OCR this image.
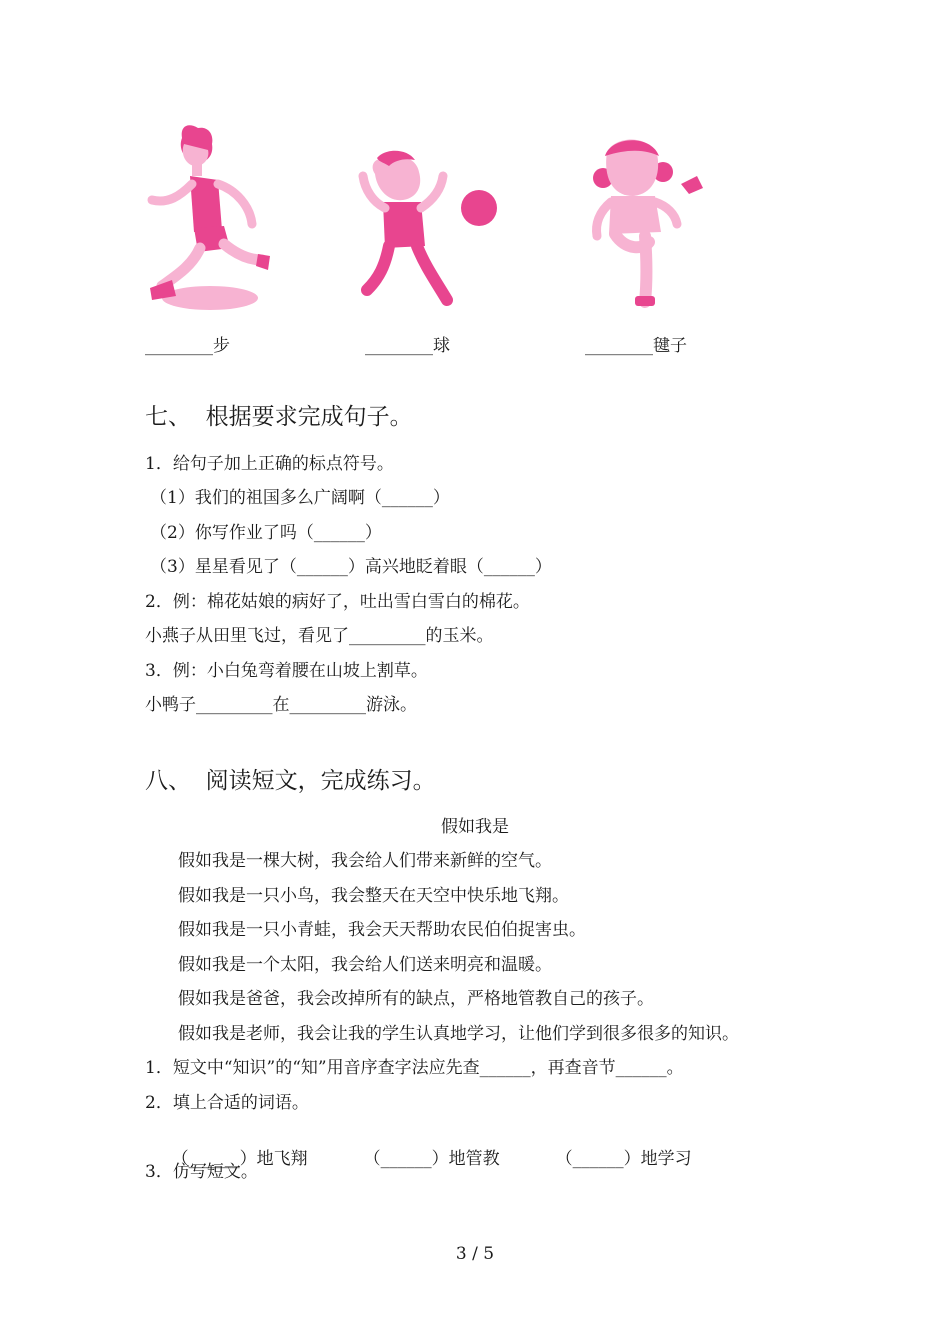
________步	________球	________毽子
七、  根据要求完成句子。
1．给句子加上正确的标点符号。
（1）我们的祖国多么广阔啊（______）
（2）你写作业了吗（______）
（3）星星看见了（______）高兴地眨着眼（______）
2．例：棉花姑娘的病好了，吐出雪白雪白的棉花。
小燕子从田里飞过，看见了_________的玉米。
3．例：小白兔弯着腰在山坡上割草。
小鸭子_________在_________游泳。
八、  阅读短文，完成练习。
假如我是
假如我是一棵大树，我会给人们带来新鲜的空气。
假如我是一只小鸟，我会整天在天空中快乐地飞翔。
假如我是一只小青蛙，我会天天帮助农民伯伯捉害虫。
假如我是一个太阳，我会给人们送来明亮和温暖。
假如我是爸爸，我会改掉所有的缺点，严格地管教自己的孩子。
假如我是老师，我会让我的学生认真地学习，让他们学到很多很多的知识。
1．短文中“知识”的“知”用音序查字法应先查______，再查音节______。
2．填上合适的词语。

（______）地飞翔	（______）地管教	（______）地学习

3．仿写短文。
3 / 5
